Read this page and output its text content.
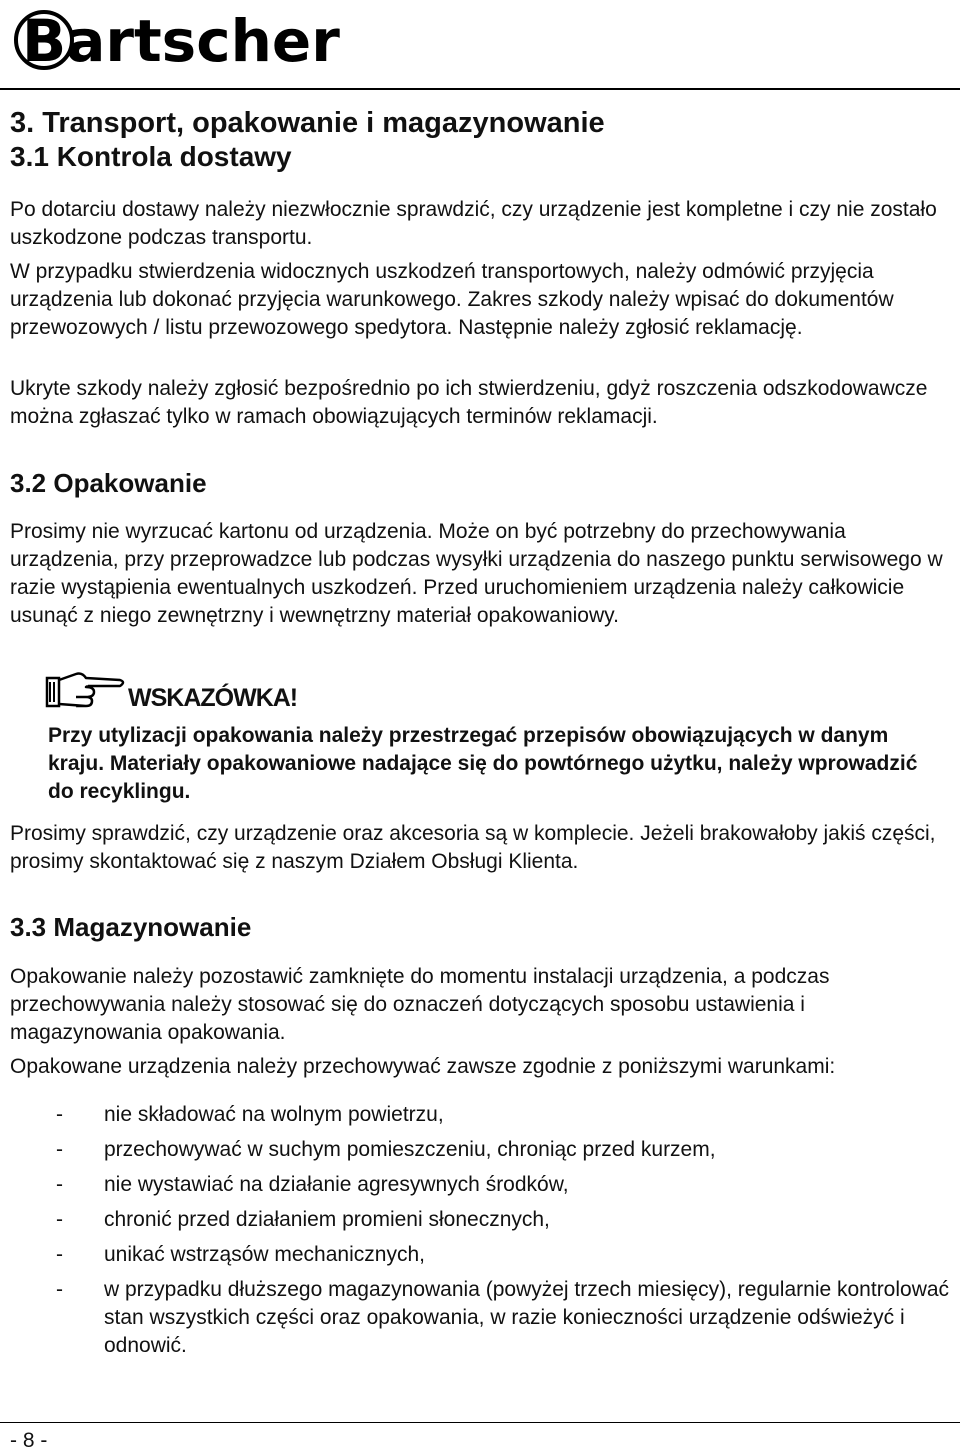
Bartscher
3. Transport, opakowanie i magazynowanie
3.1 Kontrola dostawy

Po dotarciu dostawy należy niezwłocznie sprawdzić, czy urządzenie jest kompletne i czy nie zostało uszkodzone podczas transportu.

W przypadku stwierdzenia widocznych uszkodzeń transportowych, należy odmówić przyjęcia urządzenia lub dokonać przyjęcia warunkowego. Zakres szkody należy wpisać do dokumentów przewozowych / listu przewozowego spedytora. Następnie należy zgłosić reklamację.

Ukryte szkody należy zgłosić bezpośrednio po ich stwierdzeniu, gdyż roszczenia odszkodowawcze można zgłaszać tylko w ramach obowiązujących terminów reklamacji.

3.2 Opakowanie

Prosimy nie wyrzucać kartonu od urządzenia. Może on być potrzebny do przechowywania urządzenia, przy przeprowadzce lub podczas wysyłki urządzenia do naszego punktu serwisowego w razie wystąpienia ewentualnych uszkodzeń. Przed uruchomieniem urządzenia należy całkowicie usunąć z niego zewnętrzny i wewnętrzny materiał opakowaniowy.

WSKAZÓWKA!

Przy utylizacji opakowania należy przestrzegać przepisów obowiązujących w danym kraju. Materiały opakowaniowe nadające się do powtórnego użytku, należy wprowadzić do recyklingu.

Prosimy sprawdzić, czy urządzenie oraz akcesoria są w komplecie. Jeżeli brakowałoby jakiś części, prosimy skontaktować się z naszym Działem Obsługi Klienta.

3.3 Magazynowanie

Opakowanie należy pozostawić zamknięte do momentu instalacji urządzenia, a podczas przechowywania należy stosować się do oznaczeń dotyczących sposobu ustawienia i magazynowania opakowania.

Opakowane urządzenia należy przechowywać zawsze zgodnie z poniższymi warunkami:

- nie składować na wolnym powietrzu,
- przechowywać w suchym pomieszczeniu, chroniąc przed kurzem,
- nie wystawiać na działanie agresywnych środków,
- chronić przed działaniem promieni słonecznych,
- unikać wstrząsów mechanicznych,
- w przypadku dłuższego magazynowania (powyżej trzech miesięcy), regularnie kontrolować stan wszystkich części oraz opakowania, w razie konieczności urządzenie odświeżyć i odnowić.
- 8 -
